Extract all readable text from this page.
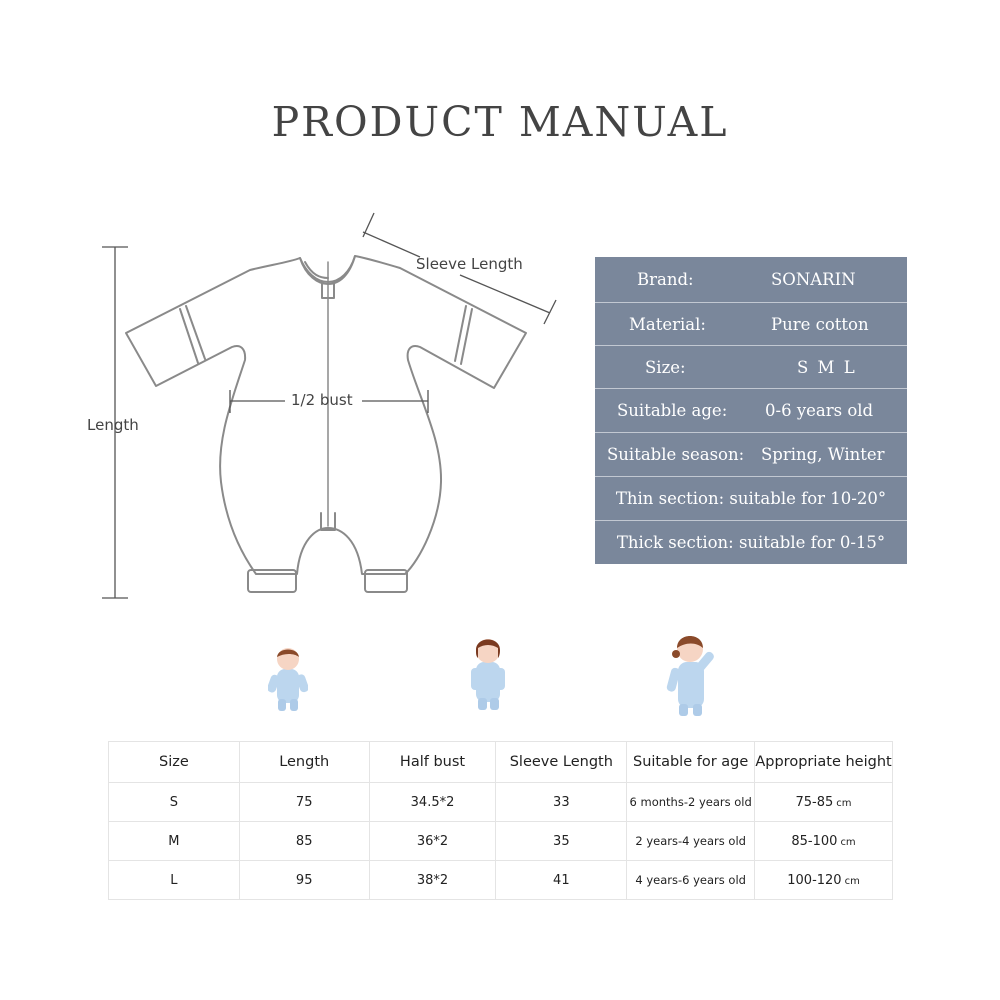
PRODUCT MANUAL
Sleeve Length
1/2 bust
Length
Brand:	SONARIN
Material:	Pure cotton
Size:	S M L
Suitable age: 0-6 years old
Suitable season: Spring, Winter
Thin section: suitable for 10-20°
Thick section: suitable for 0-15°
Size	Length	Half bust	Sleeve Length	Suitable for age	Appropriate height
S	75	34.5*2	33	6 months-2 years old	75-85 cm
M	85	36*2	35	2 years-4 years old	85-100 cm
L	95	38*2	41	4 years-6 years old	100-120 cm
